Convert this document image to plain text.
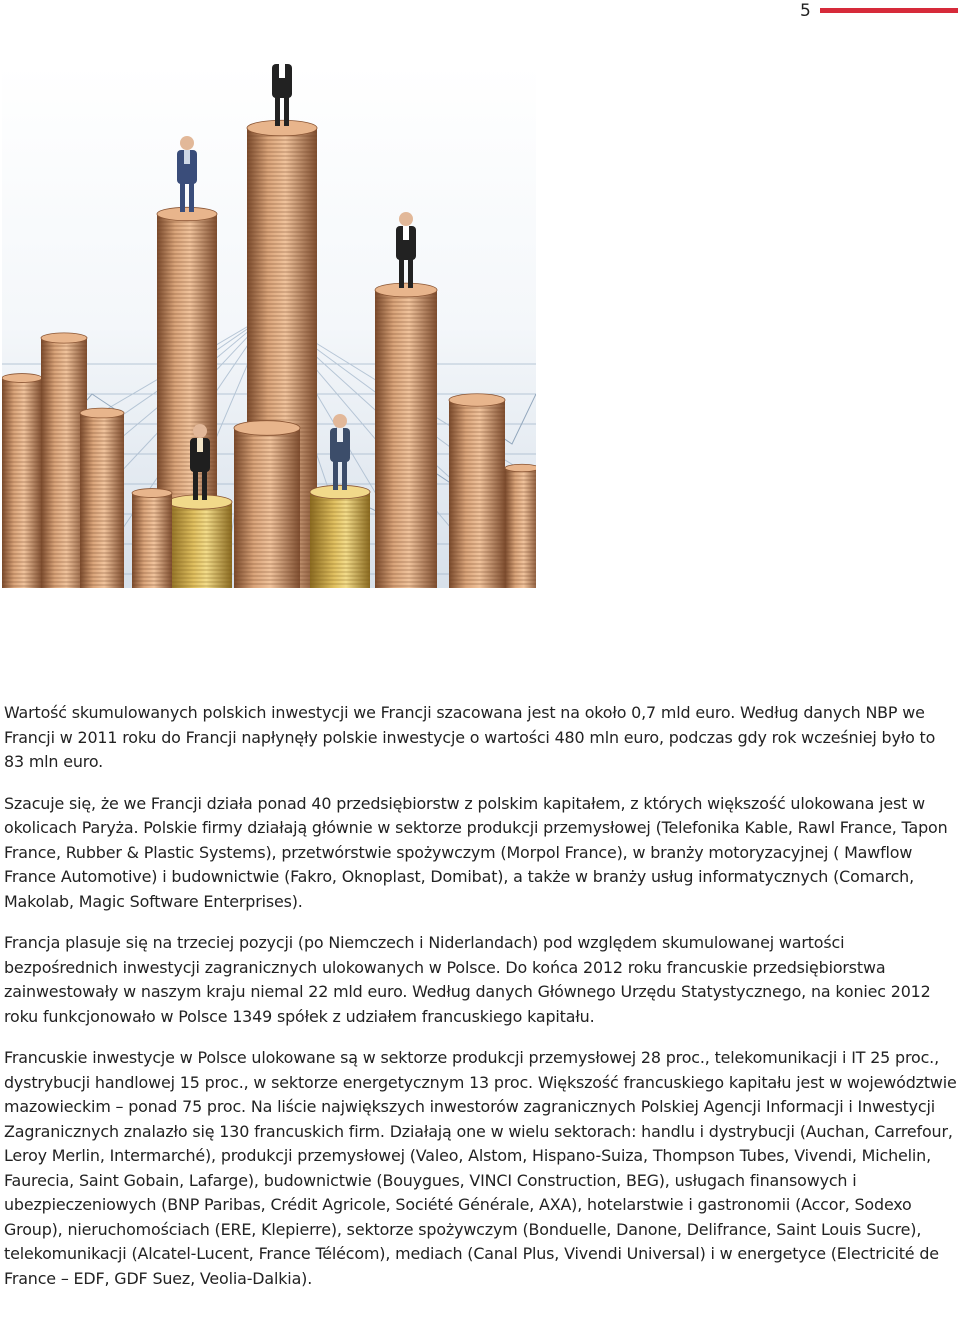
5

Wartość skumulowanych polskich inwestycji we Francji szacowana jest na około 0,7 mld euro. Według danych NBP we Francji w 2011 roku do Francji napłynęły polskie inwestycje o wartości 480 mln euro, podczas gdy rok wcześniej było to 83 mln euro.

Szacuje się, że we Francji działa ponad 40 przedsiębiorstw z polskim kapitałem, z których większość ulokowana jest w okolicach Paryża. Polskie firmy działają głównie w sektorze produkcji przemysłowej (Telefonika Kable, Rawl France, Tapon France, Rubber & Plastic Systems), przetwórstwie spożywczym (Morpol France), w branży motoryzacyjnej ( Mawflow France Automotive) i budownictwie (Fakro, Oknoplast, Domibat), a także w branży usług informatycznych (Comarch, Makolab, Magic Software Enterprises).

Francja plasuje się na trzeciej pozycji (po Niemczech i Niderlandach) pod względem skumulowanej wartości bezpośrednich inwestycji zagranicznych ulokowanych w Polsce. Do końca 2012 roku francuskie przedsiębiorstwa zainwestowały w naszym kraju niemal 22 mld euro. Według danych Głównego Urzędu Statystycznego, na koniec 2012 roku funkcjonowało w Polsce 1349 spółek z udziałem francuskiego kapitału.

Francuskie inwestycje w Polsce ulokowane są w sektorze produkcji przemysłowej 28 proc., telekomunikacji i IT 25 proc., dystrybucji handlowej 15 proc., w sektorze energetycznym 13 proc. Większość francuskiego kapitału jest w województwie mazowieckim – ponad 75 proc. Na liście największych inwestorów zagranicznych Polskiej Agencji Informacji i Inwestycji Zagranicznych znalazło się 130 francuskich firm. Działają one w wielu sektorach: handlu i dystrybucji (Auchan, Carrefour, Leroy Merlin, Intermarché), produkcji przemysłowej (Valeo, Alstom, Hispano-Suiza, Thompson Tubes, Vivendi, Michelin, Faurecia, Saint Gobain, Lafarge), budownictwie (Bouygues, VINCI Construction, BEG), usługach finansowych i ubezpieczeniowych (BNP Paribas, Crédit Agricole, Société Générale, AXA), hotelarstwie i gastronomii (Accor, Sodexo Group), nieruchomościach (ERE, Klepierre), sektorze spożywczym (Bonduelle, Danone, Delifrance, Saint Louis Sucre), telekomunikacji (Alcatel-Lucent, France Télécom), mediach (Canal Plus, Vivendi Universal) i w energetyce (Electricité de France – EDF, GDF Suez, Veolia-Dalkia).
